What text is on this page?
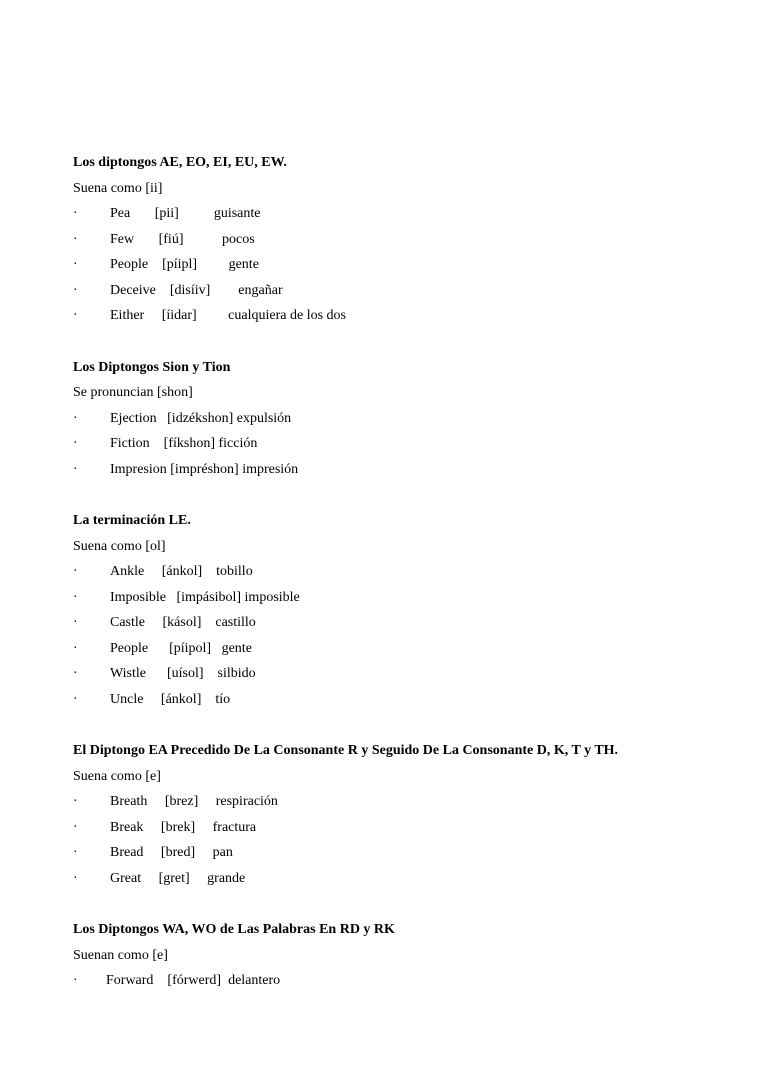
Los diptongos AE, EO, EI, EU, EW.
Suena como [ii]
· Pea       [pii]          guisante
· Few       [fiú]           pocos
· People    [píipl]         gente
· Deceive    [disíiv]        engañar
· Either     [íidar]         cualquiera de los dos
Los Diptongos Sion y Tion
Se pronuncian [shon]
· Ejection   [idzékshon] expulsión
· Fiction    [fíkshon] ficción
· Impresion [impréshon] impresión
La terminación LE.
Suena como [ol]
· Ankle     [ánkol]    tobillo
· Imposible   [impásibol] imposible
· Castle     [kásol]    castillo
· People      [píipol]   gente
· Wistle      [uísol]    silbido
· Uncle     [ánkol]    tío
El Diptongo EA Precedido De La Consonante R y Seguido De La Consonante D, K, T y TH.
Suena como [e]
· Breath     [brez]     respiración
· Break     [brek]     fractura
· Bread     [bred]     pan
· Great     [gret]     grande
Los Diptongos WA, WO de Las Palabras En RD y RK
Suenan como [e]
· Forward    [fórwerd]  delantero
